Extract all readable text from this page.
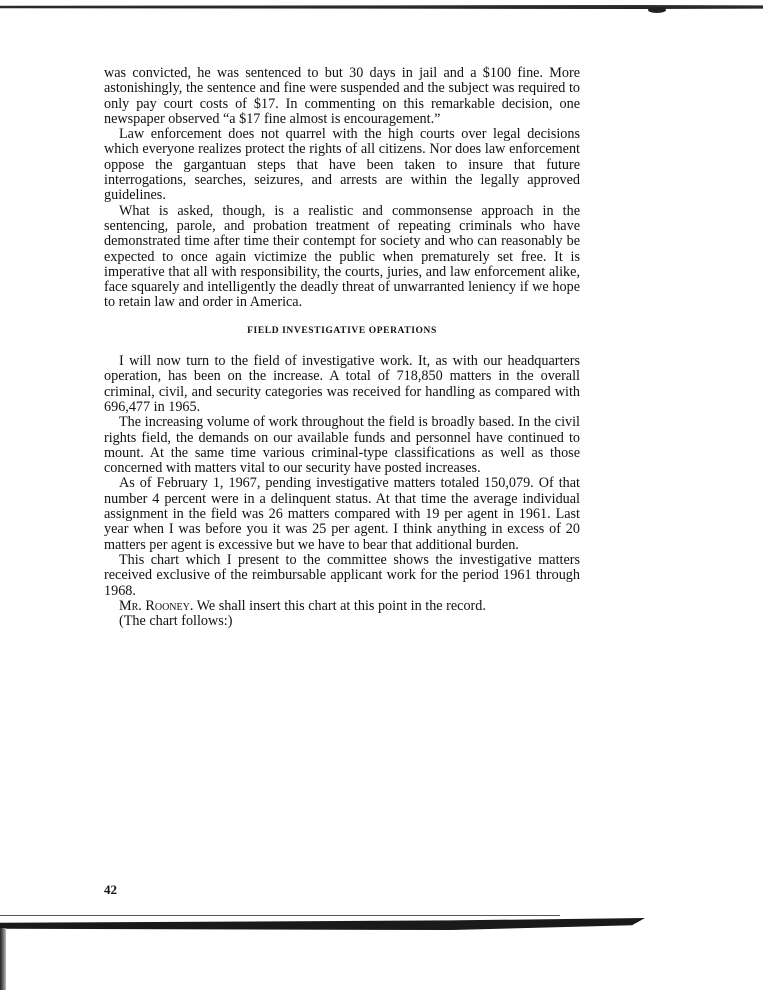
was convicted, he was sentenced to but 30 days in jail and a $100 fine. More astonishingly, the sentence and fine were suspended and the subject was required to only pay court costs of $17. In commenting on this remarkable decision, one newspaper observed “a $17 fine almost is encouragement.”

Law enforcement does not quarrel with the high courts over legal decisions which everyone realizes protect the rights of all citizens. Nor does law enforcement oppose the gargantuan steps that have been taken to insure that future interrogations, searches, seizures, and arrests are within the legally approved guidelines.

What is asked, though, is a realistic and commonsense approach in the sentencing, parole, and probation treatment of repeating criminals who have demonstrated time after time their contempt for society and who can reasonably be expected to once again victimize the public when prematurely set free. It is imperative that all with responsibility, the courts, juries, and law enforcement alike, face squarely and intelligently the deadly threat of unwarranted leniency if we hope to retain law and order in America.

FIELD INVESTIGATIVE OPERATIONS

I will now turn to the field of investigative work. It, as with our headquarters operation, has been on the increase. A total of 718,850 matters in the overall criminal, civil, and security categories was received for handling as compared with 696,477 in 1965.

The increasing volume of work throughout the field is broadly based. In the civil rights field, the demands on our available funds and personnel have continued to mount. At the same time various criminal-type classifications as well as those concerned with matters vital to our security have posted increases.

As of February 1, 1967, pending investigative matters totaled 150,079. Of that number 4 percent were in a delinquent status. At that time the average individual assignment in the field was 26 matters compared with 19 per agent in 1961. Last year when I was before you it was 25 per agent. I think anything in excess of 20 matters per agent is excessive but we have to bear that additional burden.

This chart which I present to the committee shows the investigative matters received exclusive of the reimbursable applicant work for the period 1961 through 1968.

Mr. Rooney. We shall insert this chart at this point in the record.

(The chart follows:)

42
